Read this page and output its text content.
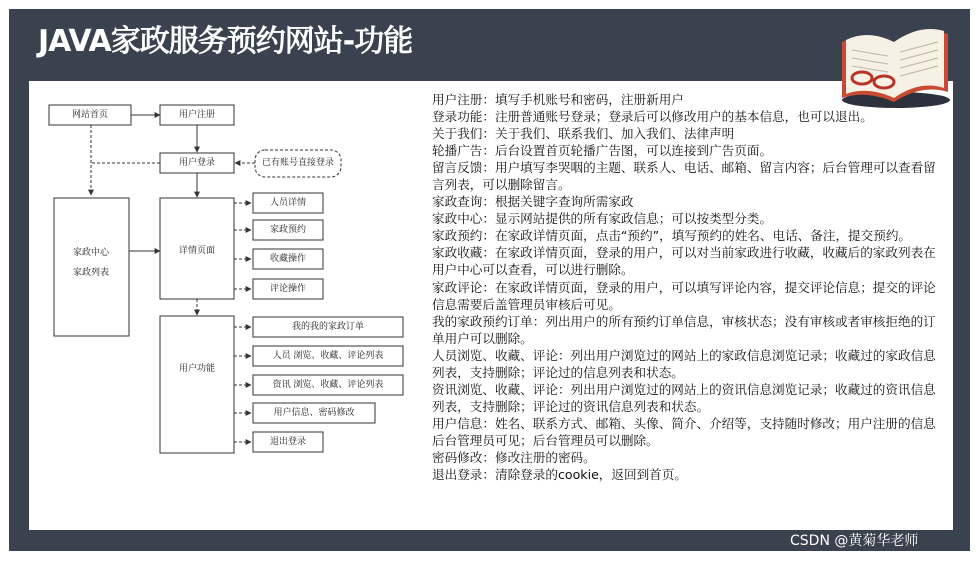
JAVA家政服务预约网站-功能
网站首页	用户注册
用户登录	已有账号直接登录
家政中心
家政列表
详情页面
人员详情
家政预约
收藏操作
评论操作
用户功能
我的我的家政订单
人员 浏览、收藏、评论列表
资讯 浏览、收藏、评论列表
用户信息、密码修改
退出登录

用户注册：填写手机账号和密码，注册新用户

登录功能：注册普通账号登录；登录后可以修改用户的基本信息，也可以退出。

关于我们：关于我们、联系我们、加入我们、法律声明

轮播广告：后台设置首页轮播广告图，可以连接到广告页面。

留言反馈：用户填写李哭咽的主题、联系人、电话、邮箱、留言内容；后台管理可以查看留言列表，可以删除留言。

家政查询：根据关键字查询所需家政

家政中心：显示网站提供的所有家政信息；可以按类型分类。

家政预约：在家政详情页面，点击“预约”，填写预约的姓名、电话、备注，提交预约。

家政收藏：在家政详情页面，登录的用户，可以对当前家政进行收藏，收藏后的家政列表在用户中心可以查看，可以进行删除。

家政评论：在家政详情页面，登录的用户，可以填写评论内容，提交评论信息；提交的评论信息需要后盖管理员审核后可见。

我的家政预约订单：列出用户的所有预约订单信息，审核状态；没有审核或者审核拒绝的订单用户可以删除。

人员浏览、收藏、评论：列出用户浏览过的网站上的家政信息浏览记录；收藏过的家政信息列表，支持删除；评论过的信息列表和状态。

资讯浏览、收藏、评论：列出用户浏览过的网站上的资讯信息浏览记录；收藏过的资讯信息列表，支持删除；评论过的资讯信息列表和状态。

用户信息：姓名、联系方式、邮箱、头像、简介、介绍等，支持随时修改；用户注册的信息后台管理员可见；后台管理员可以删除。

密码修改：修改注册的密码。

退出登录：清除登录的cookie，返回到首页。

CSDN @黄菊华老师
